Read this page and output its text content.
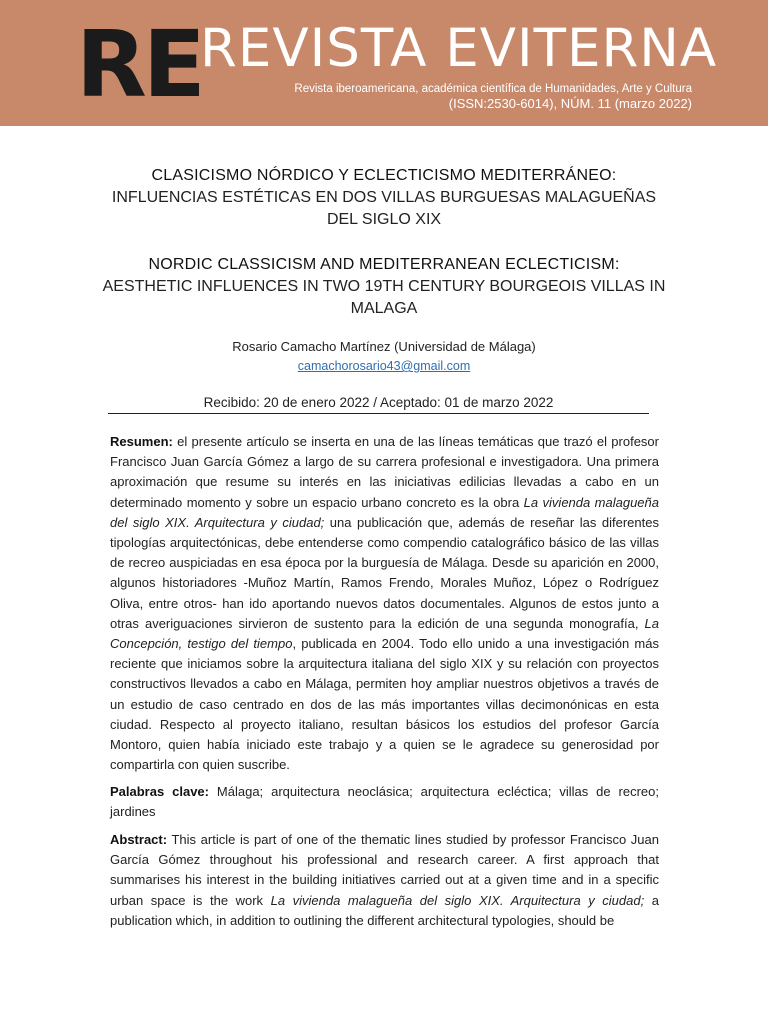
RE
REVISTA EVITERNA
Revista iberoamericana, académica científica de Humanidades, Arte y Cultura
(ISSN:2530-6014), NÚM. 11 (marzo 2022)
CLASICISMO NÓRDICO Y ECLECTICISMO MEDITERRÁNEO:
INFLUENCIAS ESTÉTICAS EN DOS VILLAS BURGUESAS MALAGUEÑAS
DEL SIGLO XIX
NORDIC CLASSICISM AND MEDITERRANEAN ECLECTICISM:
AESTHETIC INFLUENCES IN TWO 19TH CENTURY BOURGEOIS VILLAS IN
MALAGA
Rosario Camacho Martínez (Universidad de Málaga)
camachorosario43@gmail.com
Recibido: 20 de enero 2022 / Aceptado: 01 de marzo 2022
Resumen: el presente artículo se inserta en una de las líneas temáticas que trazó el profesor Francisco Juan García Gómez a largo de su carrera profesional e investigadora. Una primera aproximación que resume su interés en las iniciativas edilicias llevadas a cabo en un determinado momento y sobre un espacio urbano concreto es la obra La vivienda malagueña del siglo XIX. Arquitectura y ciudad; una publicación que, además de reseñar las diferentes tipologías arquitectónicas, debe entenderse como compendio catalográfico básico de las villas de recreo auspiciadas en esa época por la burguesía de Málaga. Desde su aparición en 2000, algunos historiadores -Muñoz Martín, Ramos Frendo, Morales Muñoz, López o Rodríguez Oliva, entre otros- han ido aportando nuevos datos documentales. Algunos de estos junto a otras averiguaciones sirvieron de sustento para la edición de una segunda monografía, La Concepción, testigo del tiempo, publicada en 2004. Todo ello unido a una investigación más reciente que iniciamos sobre la arquitectura italiana del siglo XIX y su relación con proyectos constructivos llevados a cabo en Málaga, permiten hoy ampliar nuestros objetivos a través de un estudio de caso centrado en dos de las más importantes villas decimonónicas en esta ciudad. Respecto al proyecto italiano, resultan básicos los estudios del profesor García Montoro, quien había iniciado este trabajo y a quien se le agradece su generosidad por compartirla con quien suscribe.
Palabras clave: Málaga; arquitectura neoclásica; arquitectura ecléctica; villas de recreo; jardines
Abstract: This article is part of one of the thematic lines studied by professor Francisco Juan García Gómez throughout his professional and research career. A first approach that summarises his interest in the building initiatives carried out at a given time and in a specific urban space is the work La vivienda malagueña del siglo XIX. Arquitectura y ciudad; a publication which, in addition to outlining the different architectural typologies, should be
